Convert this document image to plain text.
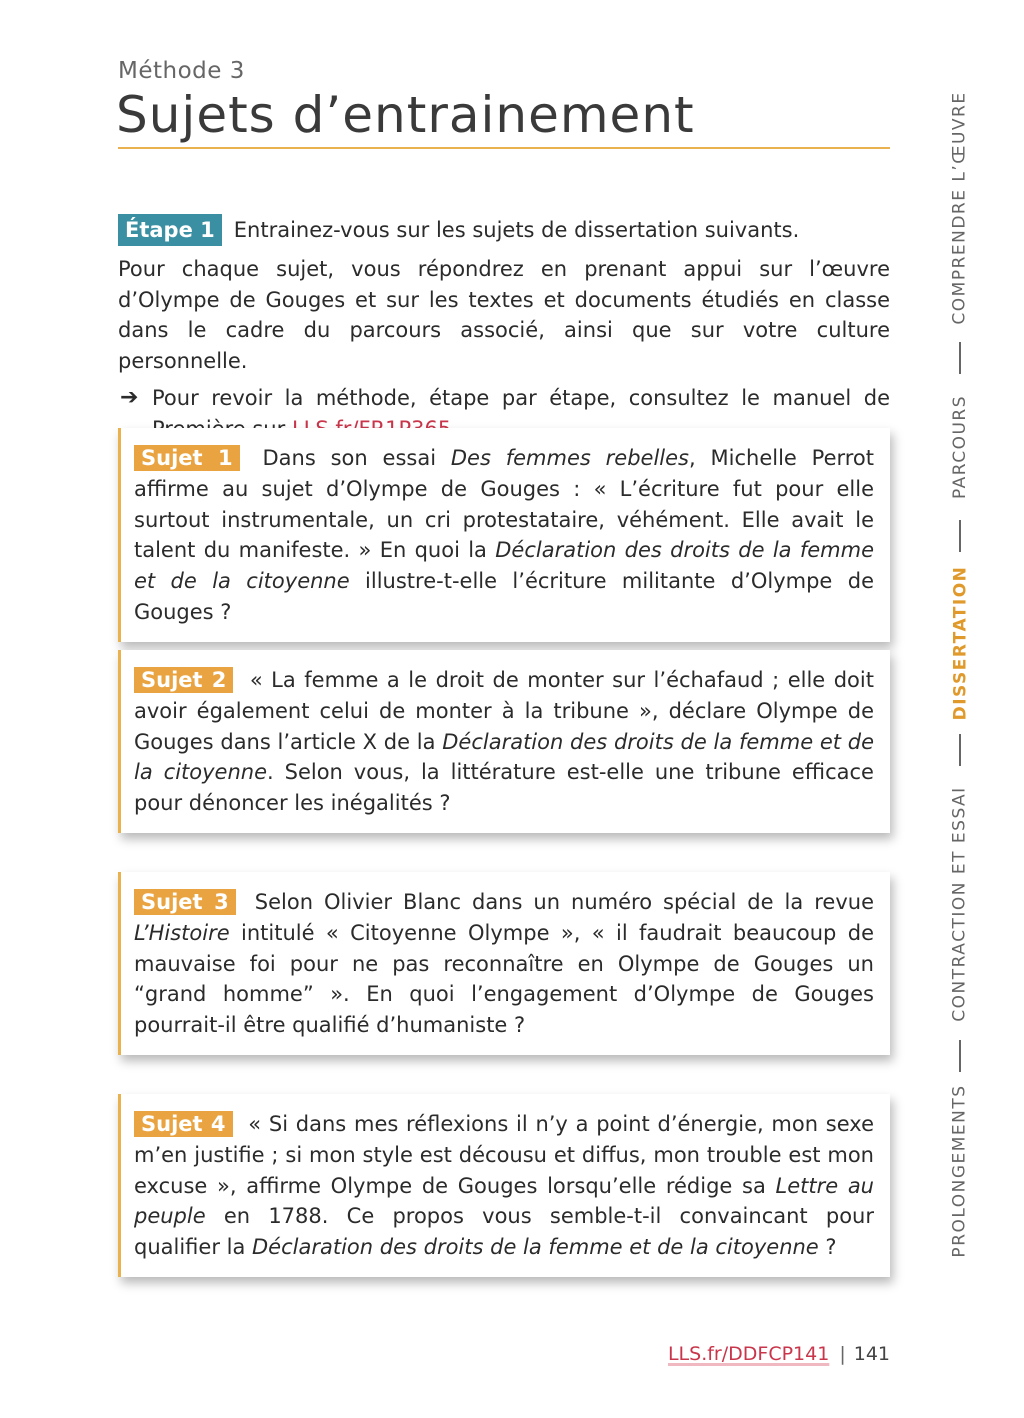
Méthode 3

Sujets d’entrainement
Étape 1 Entrainez-vous sur les sujets de dissertation suivants.

Pour chaque sujet, vous répondrez en prenant appui sur l’œuvre d’Olympe de Gouges et sur les textes et documents étudiés en classe dans le cadre du parcours associé, ainsi que sur votre culture personnelle.

➔ Pour revoir la méthode, étape par étape, consultez le manuel de
Sujet 1 Dans son essai Des femmes rebelles, Michelle Perrot affirme au sujet d’Olympe de Gouges : « L’écriture fut pour elle surtout instrumentale, un cri protestataire, véhément. Elle avait le talent du manifeste. » En quoi la Déclaration des droits de la femme et de la citoyenne illustre-t-elle l’écriture militante d’Olympe de Gouges ?
Sujet 2 « La femme a le droit de monter sur l’échafaud ; elle doit avoir également celui de monter à la tribune », déclare Olympe de Gouges dans l’article X de la Déclaration des droits de la femme et de la citoyenne. Selon vous, la littérature est-elle une tribune efficace pour dénoncer les inégalités ?
Sujet 3 Selon Olivier Blanc dans un numéro spécial de la revue L’Histoire intitulé « Citoyenne Olympe », « il faudrait beaucoup de mauvaise foi pour ne pas reconnaître en Olympe de Gouges un “grand homme” ». En quoi l’engagement d’Olympe de Gouges pourrait-il être qualifié d’humaniste ?
Sujet 4 « Si dans mes réflexions il n’y a point d’énergie, mon sexe m’en justifie ; si mon style est décousu et diffus, mon trouble est mon excuse », affirme Olympe de Gouges lorsqu’elle rédige sa Lettre au peuple en 1788. Ce propos vous semble-t-il convaincant pour qualifier la Déclaration des droits de la femme et de la citoyenne ?
COMPRENDRE L’ŒUVRE
PARCOURS
DISSERTATION
CONTRACTION ET ESSAI
PROLONGEMENTS
LLS.fr/DDFCP141 | 141
